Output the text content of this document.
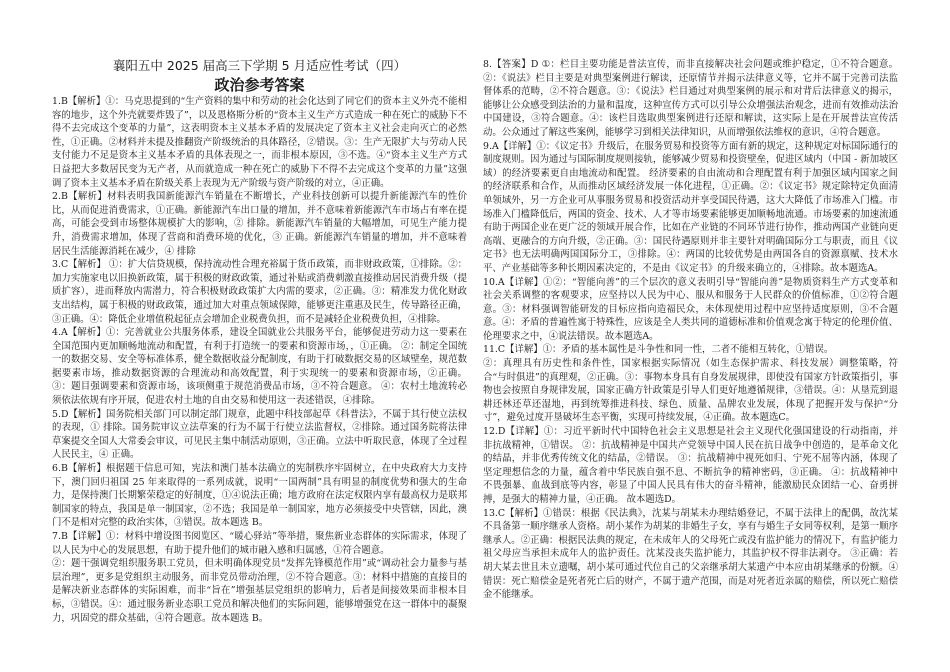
襄阳五中 2025 届高三下学期 5 月适应性考试（四）
政治参考答案

1.B【解析】①：马克思提到的“生产资料的集中和劳动的社会化达到了同它们的资本主义外壳不能相容的地步，这个外壳就要炸毁了”，以及恩格斯分析的“资本主义生产方式造成一种在死亡的威胁下不得不去完成这个变革的力量”，这表明资本主义基本矛盾的发展决定了资本主义社会走向灭亡的必然性，①正确。②材料并未提及推翻资产阶级统治的具体路径，②错误。③：生产无限扩大与劳动人民支付能力不足是资本主义基本矛盾的具体表现之一，而非根本原因，③不选。④“资本主义生产方式日益把大多数居民变为无产者，从而就造成一种在死亡的威胁下不得不去完成这个变革的力量”这强调了资本主义基本矛盾在阶级关系上表现为无产阶级与资产阶级的对立，④正确。

2.B【解析】材料表明我国新能源汽车销量在不断增长，产业科技创新可以提升新能源汽车的性价比，从而促进消费需求，①正确。新能源汽车出口量的增加，并不意味着新能源汽车市场占有率在提高，可能会受到市场整体规模扩大的影响，② 排除。新能源汽车销量的大幅增加，可见生产能力提升，消费需求增加，体现了营商和消费环境的优化，③ 正确。新能源汽车销量的增加，并不意味着居民生活能源消耗在减少，④ 排除

3.C【解析】 ①：扩大信贷规模，保持流动性合理充裕属于货币政策，而非财政政策，①排除。②：加力实施家电以旧换新政策，属于积极的财政政策，通过补贴或消费刺激直接推动居民消费升级（提质扩容），进而释放内需潜力，符合积极财政政策扩大内需的要求，②正确。③：精准发力优化财政支出结构，属于积极的财政政策，通过加大对重点领域保障，能够更注重惠及民生，传导路径正确，③正确。④：降低企业增值税起征点会增加企业税费负担，而不是减轻企业税费负担，④排除。

4.A【解析】①：完善就业公共服务体系，建设全国就业公共服务平台，能够促进劳动力这一要素在全国范围内更加顺畅地流动和配置，有利于打造统一的要素和资源市场，，①正确。 ②：制定全国统一的数据交易、安全等标准体系，健全数据收益分配制度，有助于打破数据交易的区域壁垒，规范数据要素市场，推动数据资源的合理流动和高效配置，利于实现统一的要素和资源市场，②正确。 ③：题目强调要素和资源市场，该项侧重于规范消费品市场，③不符合题意。 ④：农村土地流转必须依法依规有序开展，促进农村土地的自由交易和使用这一表述错误，④排除。

5.D【解析】国务院相关部门可以制定部门规章，此题中科技部起草《科普法》，不属于其行使立法权的表现，① 排除。国务院审议立法草案的行为不属于行使立法监督权，②排除。通过国务院将法律草案提交全国人大常委会审议，可见民主集中制活动原则，③正确。立法中听取民意，体现了全过程人民民主，④ 正确。

6.B【解析】根据题干信息可知，宪法和澳门基本法确立的宪制秩序牢固树立，在中央政府大力支持下，澳门回归祖国 25 年来取得的一系列成就，说明“一国两制”具有明显的制度优势和强大的生命力，是保持澳门长期繁荣稳定的好制度，①④说法正确；地方政府在法定权限内享有最高权力是联邦制国家的特点，我国是单一制国家，②不选；我国是单一制国家，地方必须接受中央管辖，因此，澳门不是相对完整的政治实体，③错误。故本题选 B。

7.B【详解】①：材料中增设图书阅览区、“暖心驿站”等举措，聚焦新业态群体的实际需求，体现了以人民为中心的发展思想，有助于提升他们的城市融入感和归属感，①符合题意。

②：题干强调党组织服务职工党员，但未明确体现党员“发挥先锋模范作用”或“调动社会力量参与基层治理”，更多是党组织主动服务，而非党员带动治理，②不符合题意。③：材料中措施的直接目的是解决新业态群体的实际困难，而非“旨在”增强基层党组织的影响力，后者是间接效果而非根本目标，③错误。④：通过服务新业态职工党员和解决他们的实际问题，能够增强党在这一群体中的凝聚力，巩固党的群众基础，④符合题意。故本题选 B。

8.【答案】D ①：栏目主要功能是普法宣传，而非直接解决社会问题或维护稳定，①不符合题意。②：《说法》栏目主要是对典型案例进行解读，还原情节并揭示法律意义等，它并不属于完善司法监督体系的范畴，②不符合题意。③：《说法》栏目通过对典型案例的展示和对背后法律意义的揭示，能够让公众感受到法治的力量和温度，这种宣传方式可以引导公众增强法治观念，进而有效推动法治中国建设，③符合题意。④：该栏目选取典型案例进行还原和解读，这实际上是在开展普法宣传活动。公众通过了解这些案例，能够学习到相关法律知识，从而增强依法维权的意识，④符合题意。

9.A【详解】①：《议定书》升级后，在服务贸易和投资等方面有新的规定，这种规定对标国际通行的制度规则。因为通过与国际制度规则接轨，能够减少贸易和投资壁垒，促进区域内（中国 - 新加坡区域）的经济要素更自由地流动和配置。 经济要素的自由流动和合理配置有利于加强区域内国家之间的经济联系和合作，从而推动区域经济发展一体化进程，①正确。②：《议定书》规定除特定负面清单领域外，另一方企业可从事服务贸易和投资活动并享受国民待遇，这大大降低了市场准入门槛。市场准入门槛降低后，两国的资金、技术、人才等市场要素能够更加顺畅地流通。市场要素的加速流通有助于两国企业在更广泛的领域开展合作，比如在产业链的不同环节进行协作，推动两国产业链向更高端、更融合的方向升级，②正确。③：国民待遇原则并非主要针对明确国际分工与职责，而且《议定书》也无法明确两国国际分工，③排除。④：两国的比较优势是由两国各自的资源禀赋、技术水平、产业基础等多种长期因素决定的，不是由《议定书》的升级来确立的，④排除。故本题选A。

10.A【详解】①②：“智能向善”的三个层次的意义表明引导“智能向善”是物质资料生产方式变革和社会关系调整的客观要求，应坚持以人民为中心、服从和服务于人民群众的价值标准，①②符合题意。③：材料强调智能研发的目标应指向造福民众，未体现使用过程中应坚持适度原则，③不合题意。④：矛盾的普遍性寓于特殊性，应该是全人类共同的道德标准和价值观念寓于特定的伦理价值、伦理要求之中，④说法错误。故本题选A。

11.C【详解】①：矛盾的基本属性是斗争性和同一性，二者不能相互转化，①错误。

②：真理具有历史性和条件性，国家根据实际情况（如生态保护需求、科技发展）调整策略，符合“与时俱进”的真理观，②正确。③：事物本身具有自身发展规律，即使没有国家方针政策指引，事物也会按照自身规律发展，国家正确方针政策是引导人们更好地遵循规律，③错误。④：从垦荒到退耕还林还草还湿地，再到统筹推进科技、绿色、质量、品牌农业发展，体现了把握开发与保护“分寸”，避免过度开垦破坏生态平衡，实现可持续发展，④正确。故本题选C。

12.D【详解】①：习近平新时代中国特色社会主义思想是社会主义现代化强国建设的行动指南，并非抗战精神，①错误。 ②：抗战精神是中国共产党领导中国人民在抗日战争中创造的，是革命文化的结晶，并非优秀传统文化的结晶，②错误。 ③：抗战精神中视死如归、宁死不屈等内涵，体现了坚定理想信念的力量，蕴含着中华民族自强不息、不断抗争的精神密码，③正确。 ④：抗战精神中不畏强暴、血战到底等内容，彰显了中国人民具有伟大的奋斗精神，能激励民众团结一心、奋勇拼搏，是强大的精神力量，④正确。 故本题选D。

13.C【解析】①错误：根据《民法典》，沈某与胡某未办理结婚登记，不属于法律上的配偶，故沈某不具备第一顺序继承人资格。胡小某作为胡某的非婚生子女，享有与婚生子女同等权利，是第一顺序继承人。②正确：根据民法典的规定，在未成年人的父母死亡或没有监护能力的情况下，有监护能力祖父母应当承担未成年人的监护责任。沈某没丧失监护能力，其监护权不得非法剥夺。 ③正确：若胡大某去世且未立遗嘱，胡小某可通过代位自己的父亲继承胡大某遗产中本应由胡某继承的份额。④错误：死亡赔偿金是死者死亡后的财产，不属于遗产范围，而是对死者近亲属的赔偿，所以死亡赔偿金不能继承。
